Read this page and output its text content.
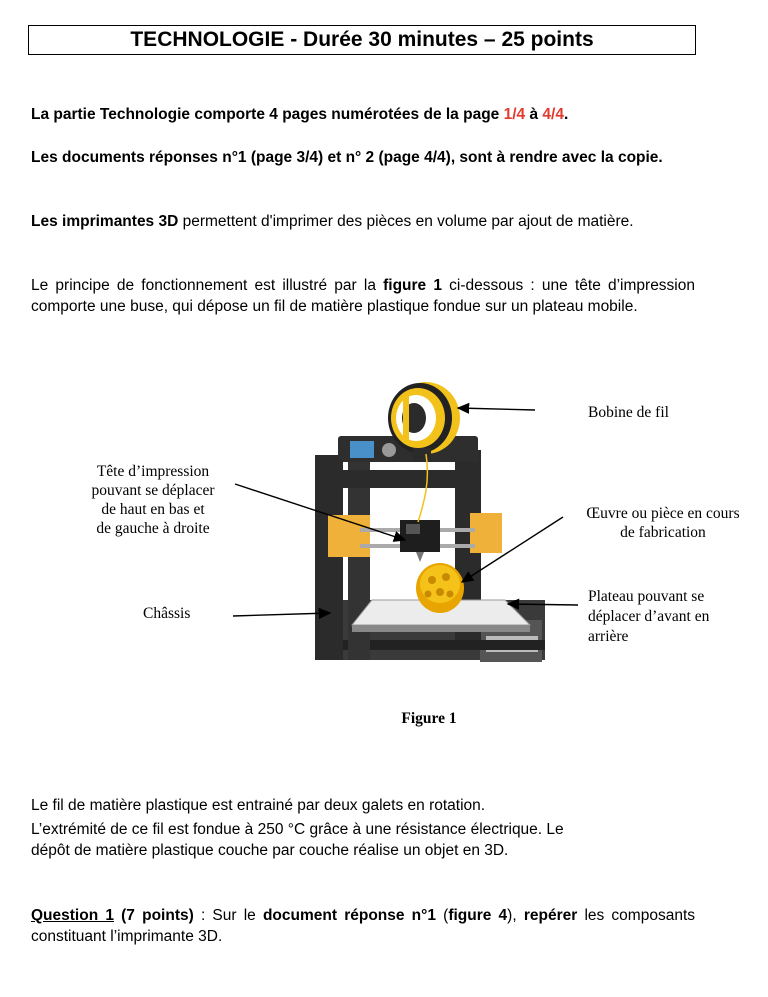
TECHNOLOGIE - Durée 30 minutes – 25 points
La partie Technologie comporte 4 pages numérotées de la page 1/4 à 4/4.
Les documents réponses n°1 (page 3/4) et n° 2 (page 4/4), sont à rendre avec la copie.
Les imprimantes 3D permettent d'imprimer des pièces en volume par ajout de matière.
Le principe de fonctionnement est illustré par la figure 1 ci-dessous : une tête d’impression comporte une buse, qui dépose un fil de matière plastique fondue sur un plateau mobile.
Bobine de fil
Tête d’impression
pouvant se déplacer
de haut en bas et
de gauche à droite
Œuvre ou pièce en cours
de fabrication
Châssis
Plateau pouvant se
déplacer d’avant en
arrière
Figure 1
Le fil de matière plastique est entrainé par deux galets en rotation.
L’extrémité de ce fil est fondue à 250 °C grâce à une résistance électrique. Le
dépôt de matière plastique couche par couche réalise un objet en 3D.
Question 1 (7 points) : Sur le document réponse n°1 (figure 4), repérer les composants constituant l’imprimante 3D.
